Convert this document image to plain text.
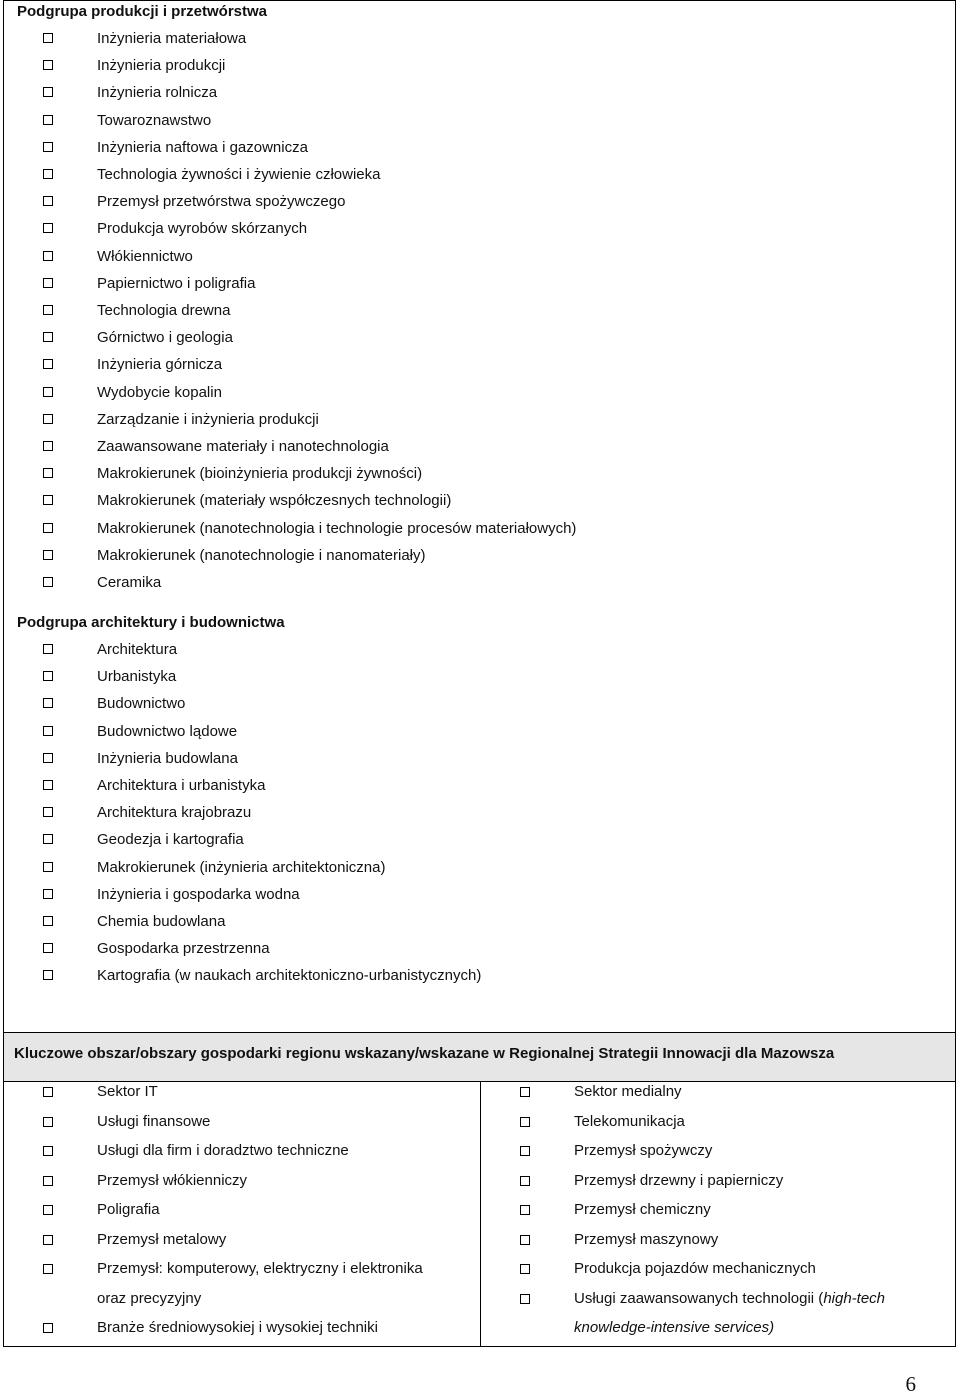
Podgrupa produkcji i przetwórstwa
Inżynieria materiałowa
Inżynieria produkcji
Inżynieria rolnicza
Towaroznawstwo
Inżynieria naftowa i gazownicza
Technologia żywności i żywienie człowieka
Przemysł przetwórstwa spożywczego
Produkcja wyrobów skórzanych
Włókiennictwo
Papiernictwo i poligrafia
Technologia drewna
Górnictwo i geologia
Inżynieria górnicza
Wydobycie kopalin
Zarządzanie i inżynieria produkcji
Zaawansowane materiały i nanotechnologia
Makrokierunek (bioinżynieria produkcji żywności)
Makrokierunek (materiały współczesnych technologii)
Makrokierunek (nanotechnologia i technologie procesów materiałowych)
Makrokierunek (nanotechnologie i nanomateriały)
Ceramika
Podgrupa architektury i budownictwa
Architektura
Urbanistyka
Budownictwo
Budownictwo lądowe
Inżynieria budowlana
Architektura i urbanistyka
Architektura krajobrazu
Geodezja i kartografia
Makrokierunek (inżynieria architektoniczna)
Inżynieria i gospodarka wodna
Chemia budowlana
Gospodarka przestrzenna
Kartografia (w naukach architektoniczno-urbanistycznych)
Kluczowe obszar/obszary gospodarki regionu wskazany/wskazane w Regionalnej Strategii Innowacji dla Mazowsza
Sektor IT
Usługi finansowe
Usługi dla firm i doradztwo techniczne
Przemysł włókienniczy
Poligrafia
Przemysł metalowy
Przemysł: komputerowy, elektryczny i elektronika
oraz precyzyjny
Branże średniowysokiej i wysokiej techniki
Sektor medialny
Telekomunikacja
Przemysł spożywczy
Przemysł drzewny i papierniczy
Przemysł chemiczny
Przemysł maszynowy
Produkcja pojazdów mechanicznych
Usługi zaawansowanych technologii (high-tech
knowledge-intensive services)
6
